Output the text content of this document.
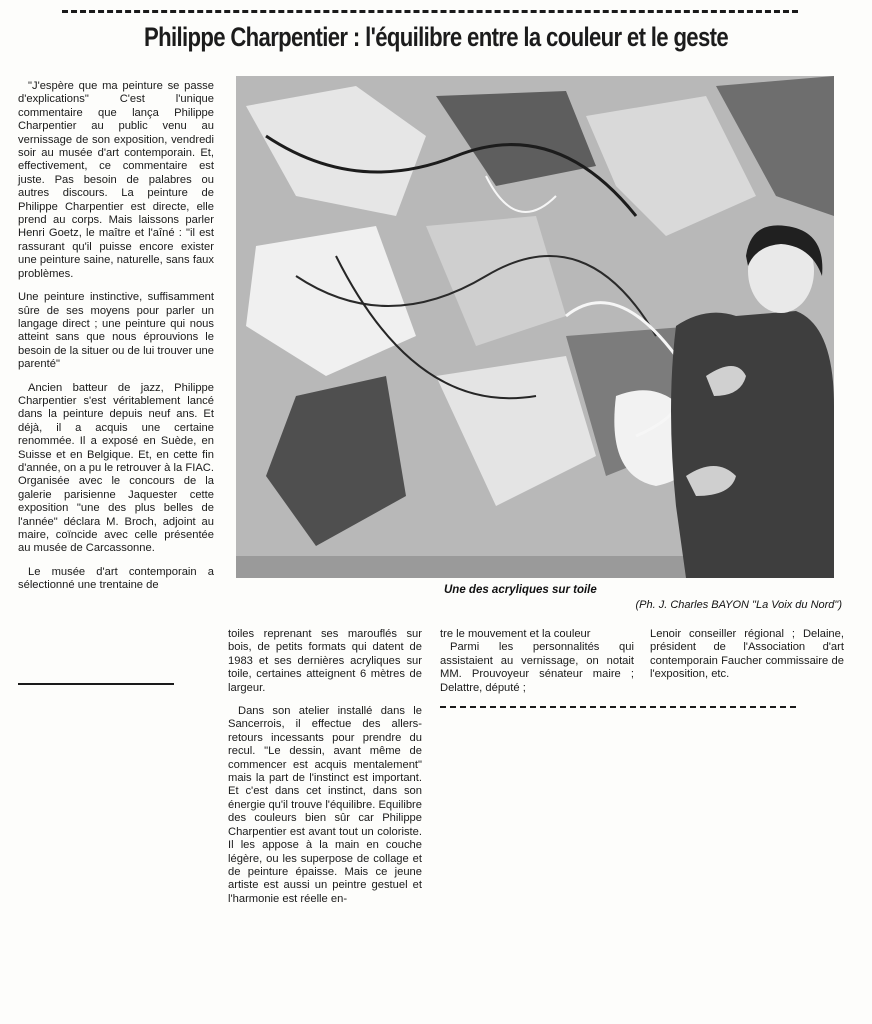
Philippe Charpentier : l'équilibre entre la couleur et le geste

"J'espère que ma peinture se passe d'explications" C'est l'unique commentaire que lança Philippe Charpentier au public venu au vernissage de son exposition, vendredi soir au musée d'art contemporain. Et, effectivement, ce commentaire est juste. Pas besoin de palabres ou autres discours. La peinture de Philippe Charpentier est directe, elle prend au corps. Mais laissons parler Henri Goetz, le maître et l'aîné : "il est rassurant qu'il puisse encore exister une peinture saine, naturelle, sans faux problèmes.

Une peinture instinctive, suffisamment sûre de ses moyens pour parler un langage direct ; une peinture qui nous atteint sans que nous éprouvions le besoin de la situer ou de lui trouver une parenté"

Ancien batteur de jazz, Philippe Charpentier s'est véritablement lancé dans la peinture depuis neuf ans. Et déjà, il a acquis une certaine renommée. Il a exposé en Suède, en Suisse et en Belgique. Et, en cette fin d'année, on a pu le retrouver à la FIAC. Organisée avec le concours de la galerie parisienne Jaquester cette exposition "une des plus belles de l'année" déclara M. Broch, adjoint au maire, coïncide avec celle présentée au musée de Carcassonne.

Le musée d'art contemporain a sélectionné une trentaine de	Une des acryliques sur toile
(Ph. J. Charles BAYON "La Voix du Nord")

toiles reprenant ses marouflés sur bois, de petits formats qui datent de 1983 et ses dernières acryliques sur toile, certaines atteignent 6 mètres de largeur.

Dans son atelier installé dans le Sancerrois, il effectue des allers-retours incessants pour prendre du recul. "Le dessin, avant même de commencer est acquis mentalement" mais la part de l'instinct est important. Et c'est dans cet instinct, dans son énergie qu'il trouve l'équilibre. Equilibre des couleurs bien sûr car Philippe Charpentier est avant tout un coloriste. Il les appose à la main en couche légère, ou les superpose de collage et de peinture épaisse. Mais ce jeune artiste est aussi un peintre gestuel et l'harmonie est réelle en-

tre le mouvement et la couleur

Parmi les personnalités qui assistaient au vernissage, on notait MM. Prouvoyeur sénateur maire ; Delattre, député ;

Lenoir conseiller régional ; Delaine, président de l'Association d'art contemporain Faucher commissaire de l'exposition, etc.
